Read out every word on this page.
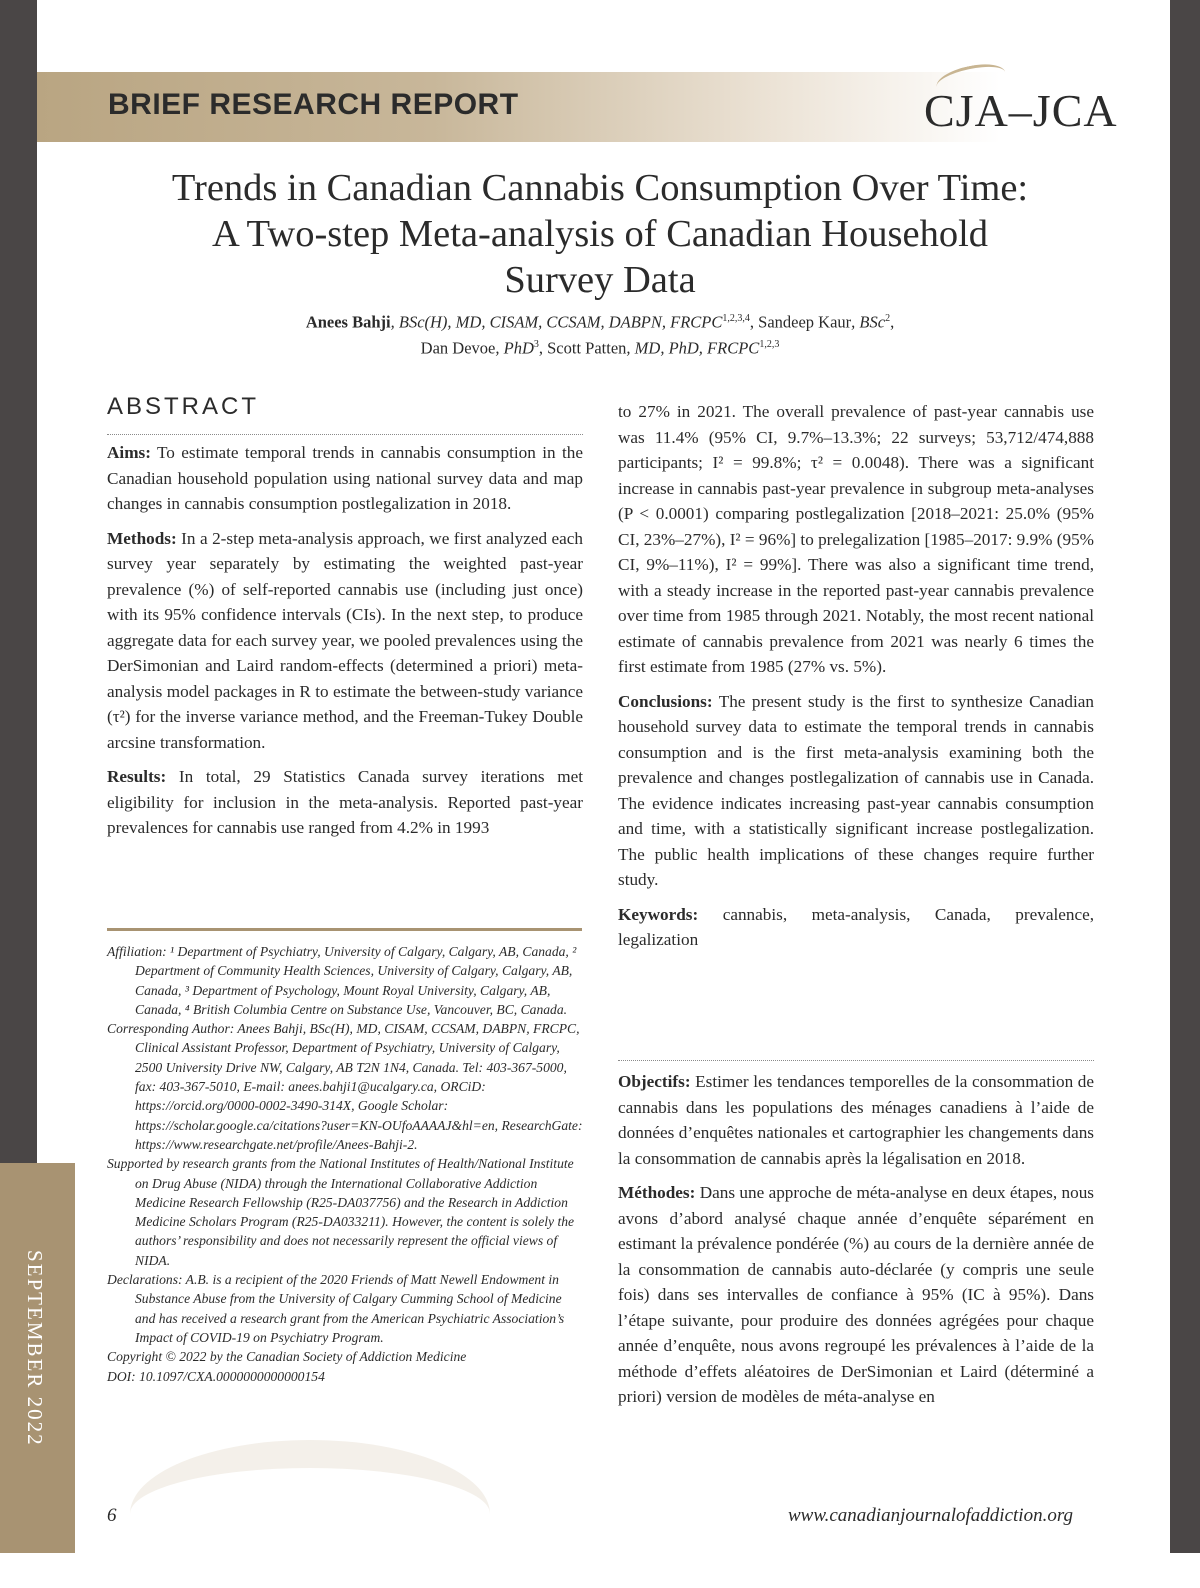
BRIEF RESEARCH REPORT	CJA–JCA
Trends in Canadian Cannabis Consumption Over Time:
A Two-step Meta-analysis of Canadian Household
Survey Data
Anees Bahji, BSc(H), MD, CISAM, CCSAM, DABPN, FRCPC$^{1,2,3,4}$, Sandeep Kaur, BSc$^2$,
Dan Devoe, PhD$^3$, Scott Patten, MD, PhD, FRCPC$^{1,2,3}$
ABSTRACT

Aims: To estimate temporal trends in cannabis consumption in the Canadian household population using national survey data and map changes in cannabis consumption postlegalization in 2018.

Methods: In a 2-step meta-analysis approach, we first analyzed each survey year separately by estimating the weighted past-year prevalence (%) of self-reported cannabis use (including just once) with its 95% confidence intervals (CIs). In the next step, to produce aggregate data for each survey year, we pooled prevalences using the DerSimonian and Laird random-effects (determined a priori) meta-analysis model packages in R to estimate the between-study variance (τ²) for the inverse variance method, and the Freeman-Tukey Double arcsine transformation.

Results: In total, 29 Statistics Canada survey iterations met eligibility for inclusion in the meta-analysis. Reported past-year prevalences for cannabis use ranged from 4.2% in 1993

to 27% in 2021. The overall prevalence of past-year cannabis use was 11.4% (95% CI, 9.7%–13.3%; 22 surveys; 53,712/474,888 participants; I² = 99.8%; τ² = 0.0048). There was a significant increase in cannabis past-year prevalence in subgroup meta-analyses (P < 0.0001) comparing postlegalization [2018–2021: 25.0% (95% CI, 23%–27%), I² = 96%] to prelegalization [1985–2017: 9.9% (95% CI, 9%–11%), I² = 99%]. There was also a significant time trend, with a steady increase in the reported past-year cannabis prevalence over time from 1985 through 2021. Notably, the most recent national estimate of cannabis prevalence from 2021 was nearly 6 times the first estimate from 1985 (27% vs. 5%).

Conclusions: The present study is the first to synthesize Canadian household survey data to estimate the temporal trends in cannabis consumption and is the first meta-analysis examining both the prevalence and changes postlegalization of cannabis use in Canada. The evidence indicates increasing past-year cannabis consumption and time, with a statistically significant increase postlegalization. The public health implications of these changes require further study.

Keywords: cannabis, meta-analysis, Canada, prevalence, legalization

Objectifs: Estimer les tendances temporelles de la consommation de cannabis dans les populations des ménages canadiens à l’aide de données d’enquêtes nationales et cartographier les changements dans la consommation de cannabis après la légalisation en 2018.

Méthodes: Dans une approche de méta-analyse en deux étapes, nous avons d’abord analysé chaque année d’enquête séparément en estimant la prévalence pondérée (%) au cours de la dernière année de la consommation de cannabis auto-déclarée (y compris une seule fois) dans ses intervalles de confiance à 95% (IC à 95%). Dans l’étape suivante, pour produire des données agrégées pour chaque année d’enquête, nous avons regroupé les prévalences à l’aide de la méthode d’effets aléatoires de DerSimonian et Laird (déterminé a priori) version de modèles de méta-analyse en

Affiliation: ¹ Department of Psychiatry, University of Calgary, Calgary, AB, Canada, ² Department of Community Health Sciences, University of Calgary, Calgary, AB, Canada, ³ Department of Psychology, Mount Royal University, Calgary, AB, Canada, ⁴ British Columbia Centre on Substance Use, Vancouver, BC, Canada.

Corresponding Author: Anees Bahji, BSc(H), MD, CISAM, CCSAM, DABPN, FRCPC, Clinical Assistant Professor, Department of Psychiatry, University of Calgary, 2500 University Drive NW, Calgary, AB T2N 1N4, Canada. Tel: 403-367-5000, fax: 403-367-5010, E-mail: anees.bahji1@ucalgary.ca, ORCiD: https://orcid.org/0000-0002-3490-314X, Google Scholar: https://scholar.google.ca/citations?user=KN-OUfoAAAAJ&hl=en, ResearchGate: https://www.researchgate.net/profile/Anees-Bahji-2.

Supported by research grants from the National Institutes of Health/National Institute on Drug Abuse (NIDA) through the International Collaborative Addiction Medicine Research Fellowship (R25-DA037756) and the Research in Addiction Medicine Scholars Program (R25-DA033211). However, the content is solely the authors’ responsibility and does not necessarily represent the official views of NIDA.

Declarations: A.B. is a recipient of the 2020 Friends of Matt Newell Endowment in Substance Abuse from the University of Calgary Cumming School of Medicine and has received a research grant from the American Psychiatric Association’s Impact of COVID-19 on Psychiatry Program.

Copyright © 2022 by the Canadian Society of Addiction Medicine

DOI: 10.1097/CXA.0000000000000154

SEPTEMBER 2022
6	www.canadianjournalofaddiction.org
